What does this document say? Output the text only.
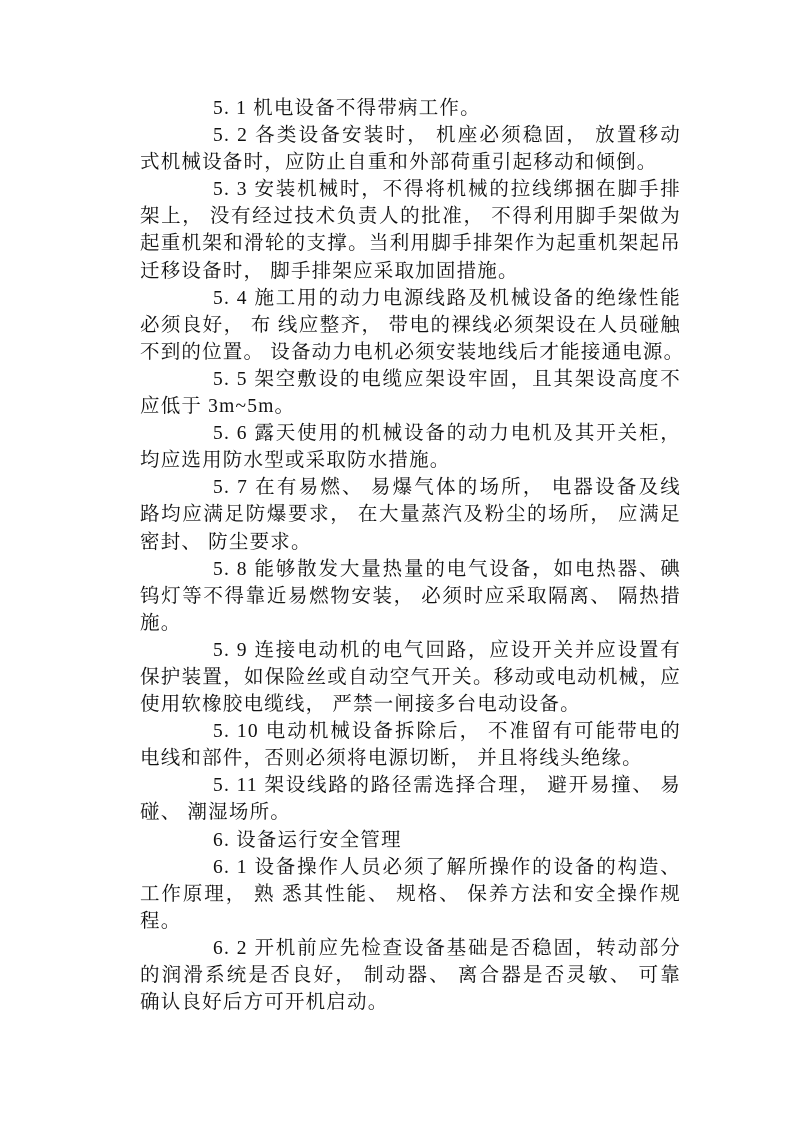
5. 1 机电设备不得带病工作。
5. 2 各类设备安装时， 机座必须稳固， 放置移动
式机械设备时，应防止自重和外部荷重引起移动和倾倒。
5. 3 安装机械时，不得将机械的拉线绑捆在脚手排
架上， 没有经过技术负责人的批准， 不得利用脚手架做为
起重机架和滑轮的支撑。当利用脚手排架作为起重机架起吊
迁移设备时， 脚手排架应采取加固措施。
5. 4 施工用的动力电源线路及机械设备的绝缘性能
必须良好， 布 线应整齐， 带电的裸线必须架设在人员碰触
不到的位置。 设备动力电机必须安装地线后才能接通电源。
5. 5 架空敷设的电缆应架设牢固，且其架设高度不
应低于 3m~5m。
5. 6 露天使用的机械设备的动力电机及其开关柜，
均应选用防水型或采取防水措施。
5. 7 在有易燃、 易爆气体的场所， 电器设备及线
路均应满足防爆要求， 在大量蒸汽及粉尘的场所， 应满足
密封、 防尘要求。
5. 8 能够散发大量热量的电气设备，如电热器、碘
钨灯等不得靠近易燃物安装， 必须时应采取隔离、 隔热措
施。
5. 9 连接电动机的电气回路，应设开关并应设置有
保护装置，如保险丝或自动空气开关。移动或电动机械，应
使用软橡胶电缆线， 严禁一闸接多台电动设备。
5. 10 电动机械设备拆除后， 不准留有可能带电的
电线和部件，否则必须将电源切断， 并且将线头绝缘。
5. 11 架设线路的路径需选择合理， 避开易撞、 易
碰、 潮湿场所。
6. 设备运行安全管理
6. 1 设备操作人员必须了解所操作的设备的构造、
工作原理， 熟 悉其性能、 规格、 保养方法和安全操作规
程。
6. 2 开机前应先检查设备基础是否稳固，转动部分
的润滑系统是否良好， 制动器、 离合器是否灵敏、 可靠
确认良好后方可开机启动。
